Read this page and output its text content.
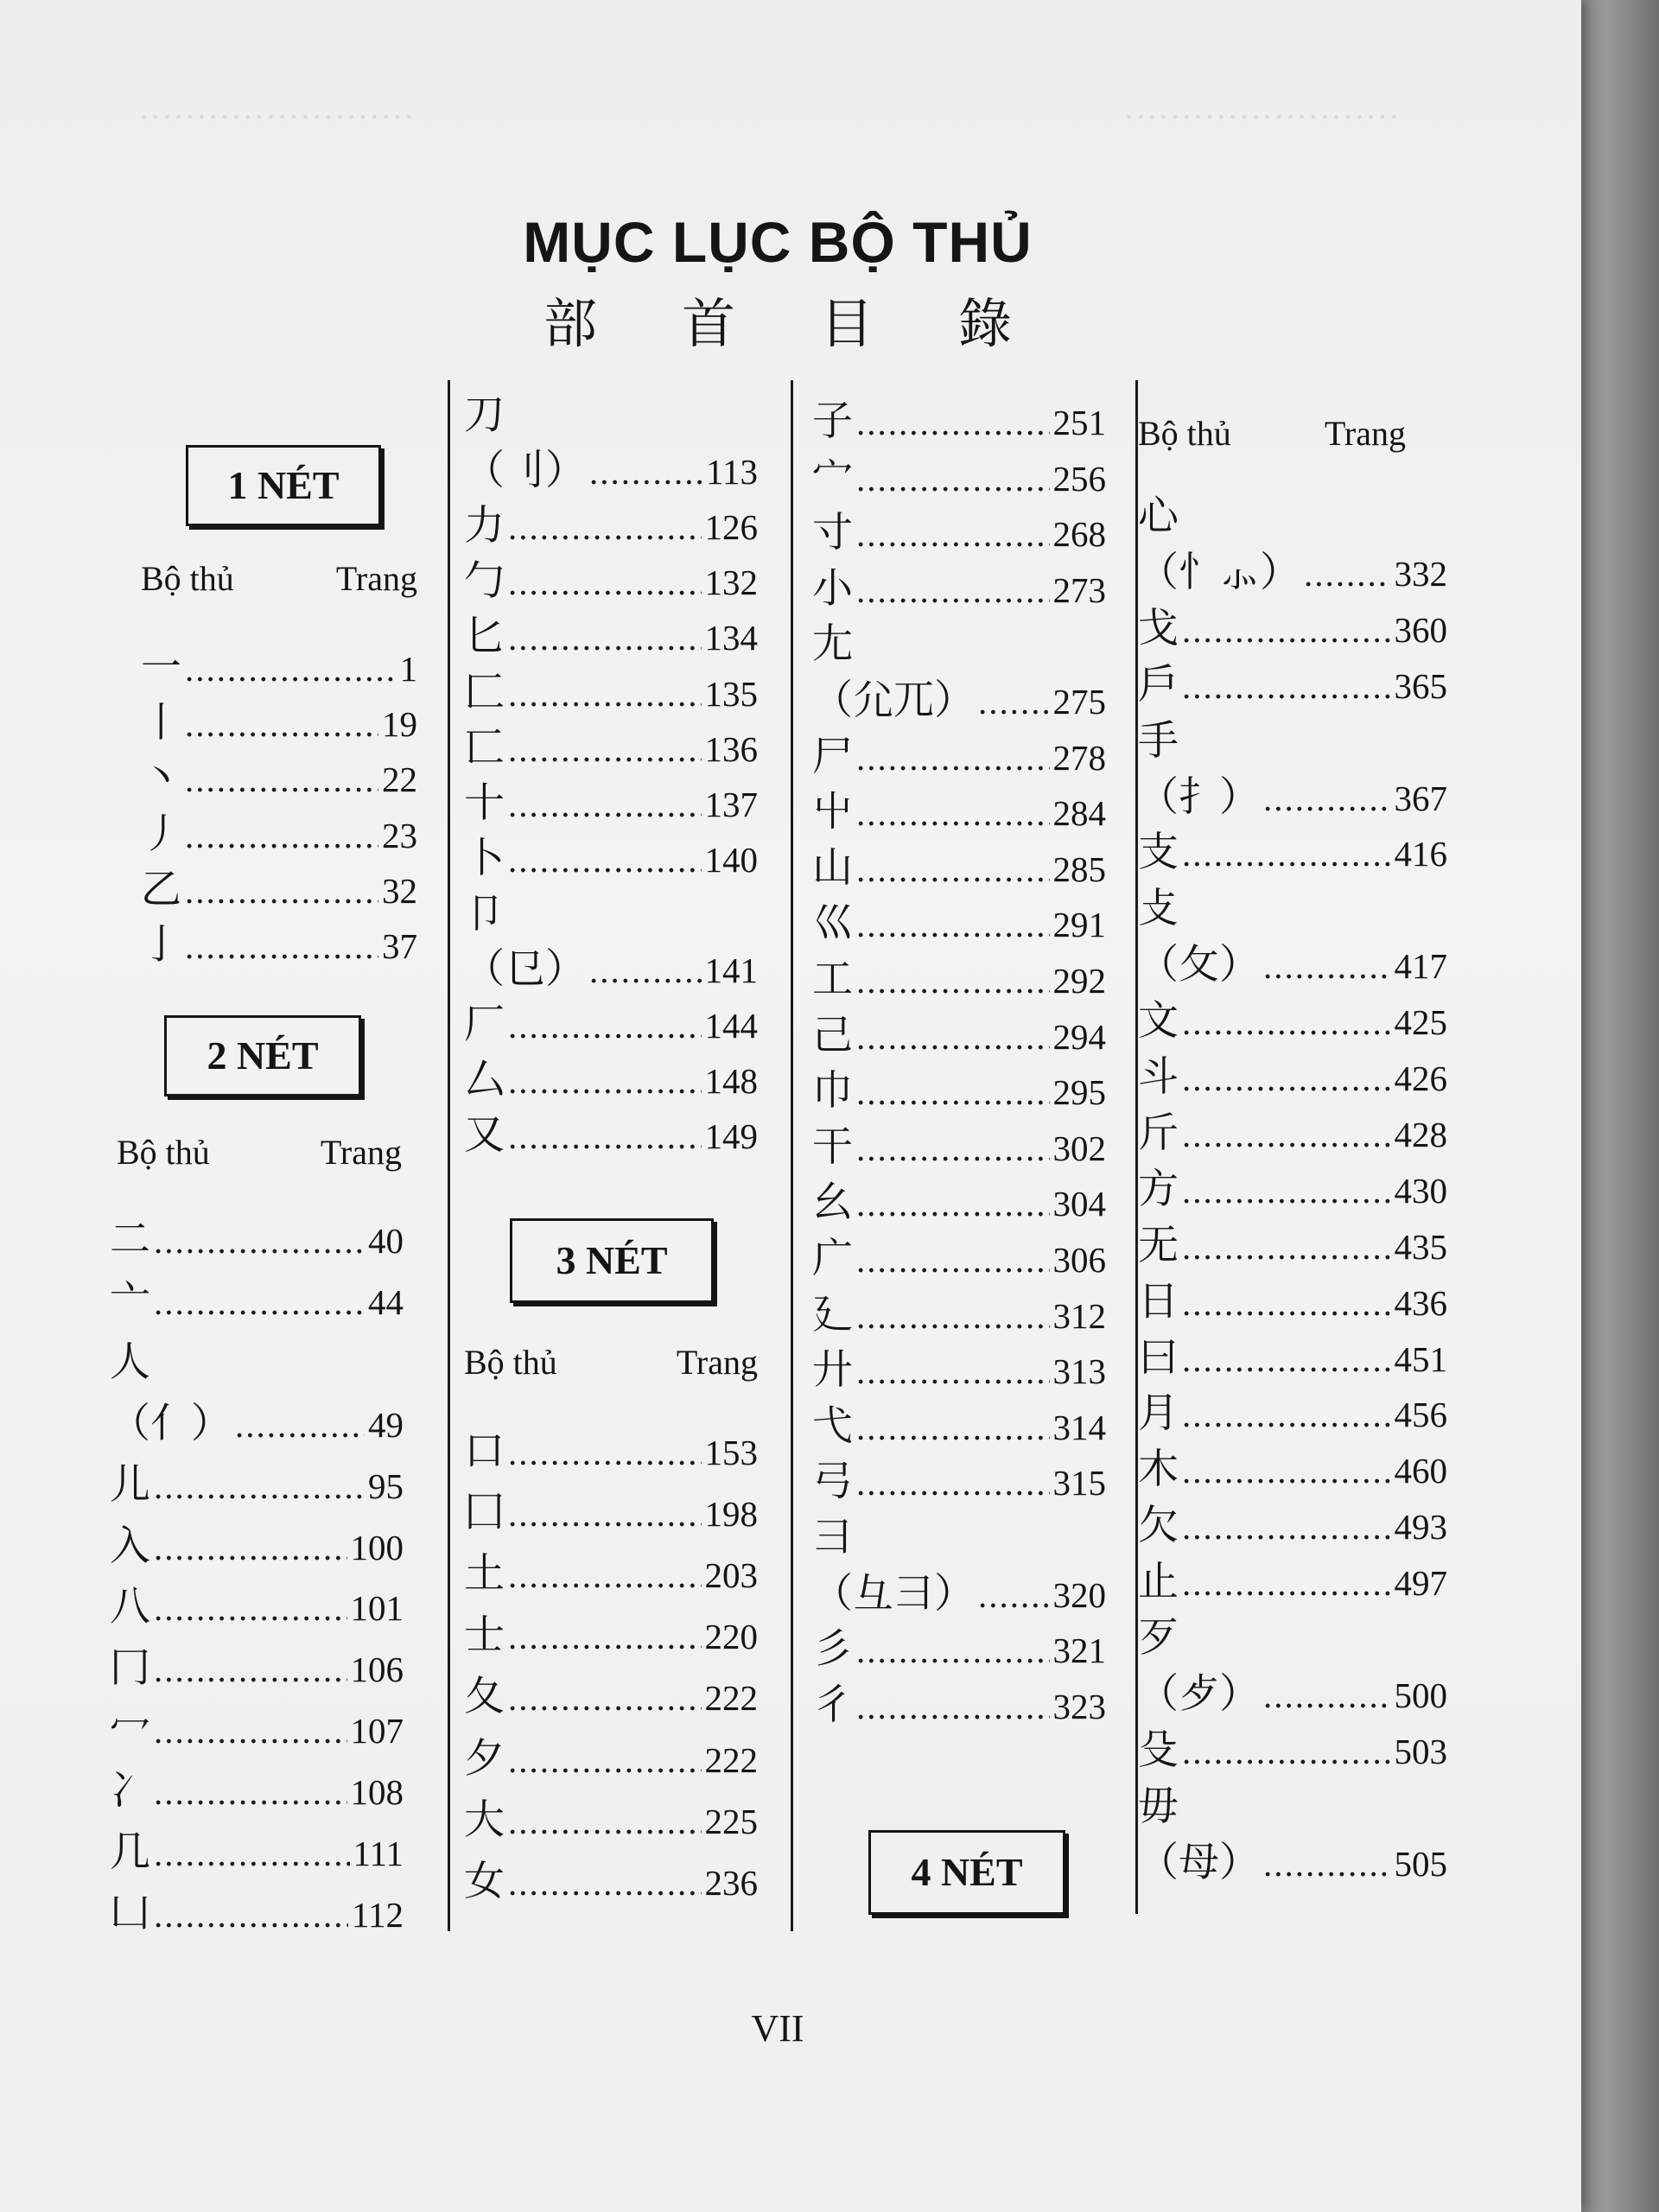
……………………	……………………
MỤC LỤC BỘ THỦ
部首目錄
1 NÉT
Bộ thủ	Trang
2 NÉT
Bộ thủ	Trang
3 NÉT
Bộ thủ	Trang
4 NÉT
Bộ thủ	Trang
一 .....	1
丨 .....	19
丶 .....	22
丿 .....	23
乙 .....	32
亅 .....	37
二 .....	40
亠 .....	44
人
（亻） .....	49
儿 .....	95
入 .....	100
八 .....	101
冂 .....	106
冖 .....	107
冫 .....	108
几 .....	111
凵 .....	112
刀
（刂） .....	113
力 .....	126
勹 .....	132
匕 .....	134
匚 .....	135
匸 .....	136
十 .....	137
卜 .....	140
卩
（㔾） .....	141
厂 .....	144
厶 .....	148
又 .....	149
口 .....	153
囗 .....	198
土 .....	203
士 .....	220
夂 .....	222
夕 .....	222
大 .....	225
女 .....	236
子 .....	251
宀 .....	256
寸 .....	268
小 .....	273
尢
（尣兀） ..... 275
尸 .....	278
屮 .....	284
山 .....	285
巛 .....	291
工 .....	292
己 .....	294
巾 .....	295
干 .....	302
幺 .....	304
广 .....	306
廴 .....	312
廾 .....	313
弋 .....	314
弓 .....	315
彐
（彑⺕） ..... 320
彡 .....	321
彳 .....	323
心
（忄⺗） .....	332
戈 .....	360
戶 .....	365
手
（扌） .....	367
支 .....	416
攴
（攵） .....	417
文 .....	425
斗 .....	426
斤 .....	428
方 .....	430
无 .....	435
日 .....	436
曰 .....	451
月 .....	456
木 .....	460
欠 .....	493
止 .....	497
歹
（歺） .....	500
殳 .....	503
毋
（母） .....	505
VII
